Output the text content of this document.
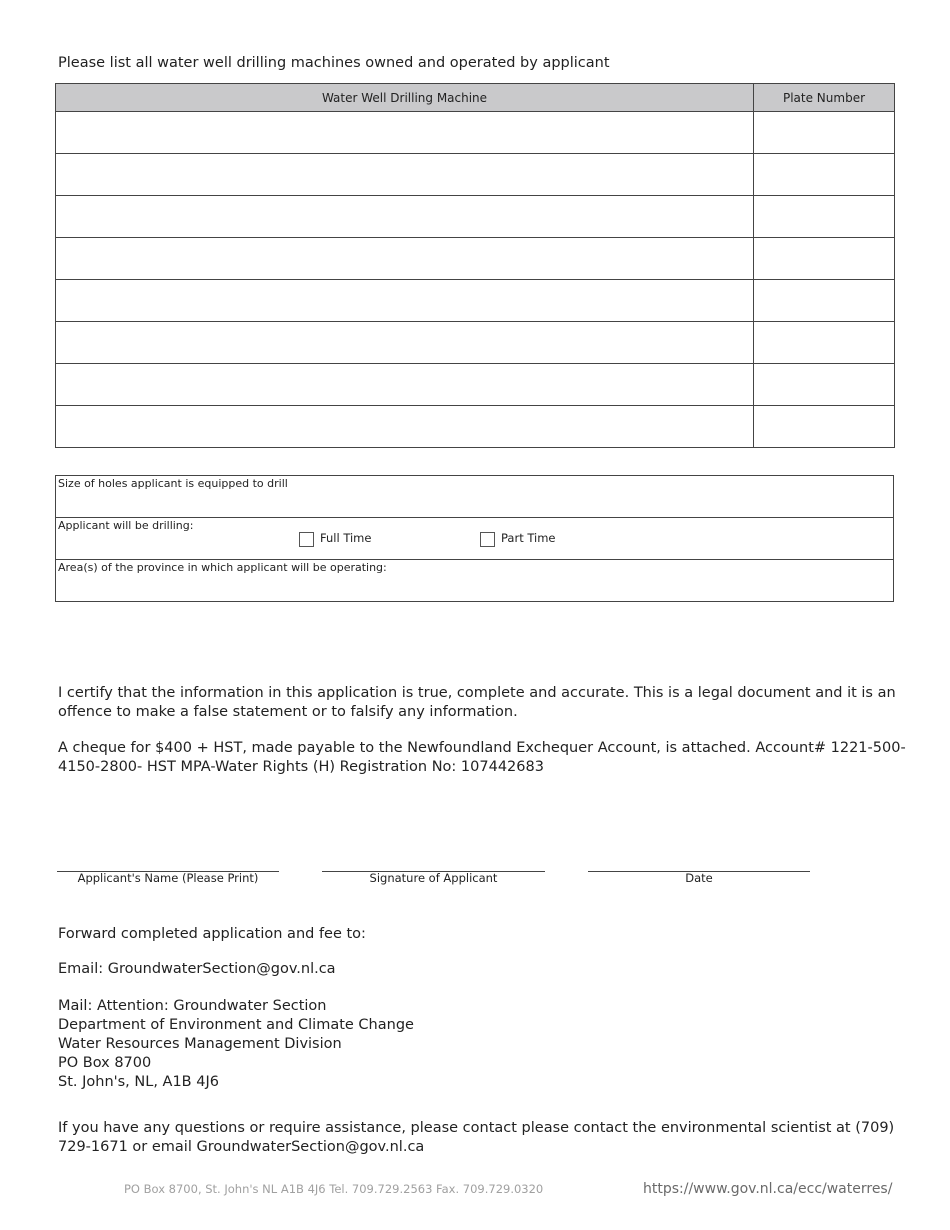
Please list all water well drilling machines owned and operated by applicant
Water Well Drilling Machine	Plate Number

Size of holes applicant is equipped to drill
Applicant will be drilling:
Full Time	Part Time
Area(s) of the province in which applicant will be operating:
I certify that the information in this application is true, complete and accurate. This is a legal document and it is an offence to make a false statement or to falsify any information.
A cheque for $400 + HST, made payable to the Newfoundland Exchequer Account, is attached. Account# 1221-500-4150-2800- HST MPA-Water Rights (H) Registration No: 107442683
Applicant's Name (Please Print)	Signature of Applicant	Date
Forward completed application and fee to:
Email: GroundwaterSection@gov.nl.ca
Mail: Attention: Groundwater Section
Department of Environment and Climate Change
Water Resources Management Division
PO Box 8700
St. John's, NL, A1B 4J6
If you have any questions or require assistance, please contact please contact the environmental scientist at (709) 729-1671 or email GroundwaterSection@gov.nl.ca
PO Box 8700, St. John's NL A1B 4J6 Tel. 709.729.2563 Fax. 709.729.0320	https://www.gov.nl.ca/ecc/waterres/
